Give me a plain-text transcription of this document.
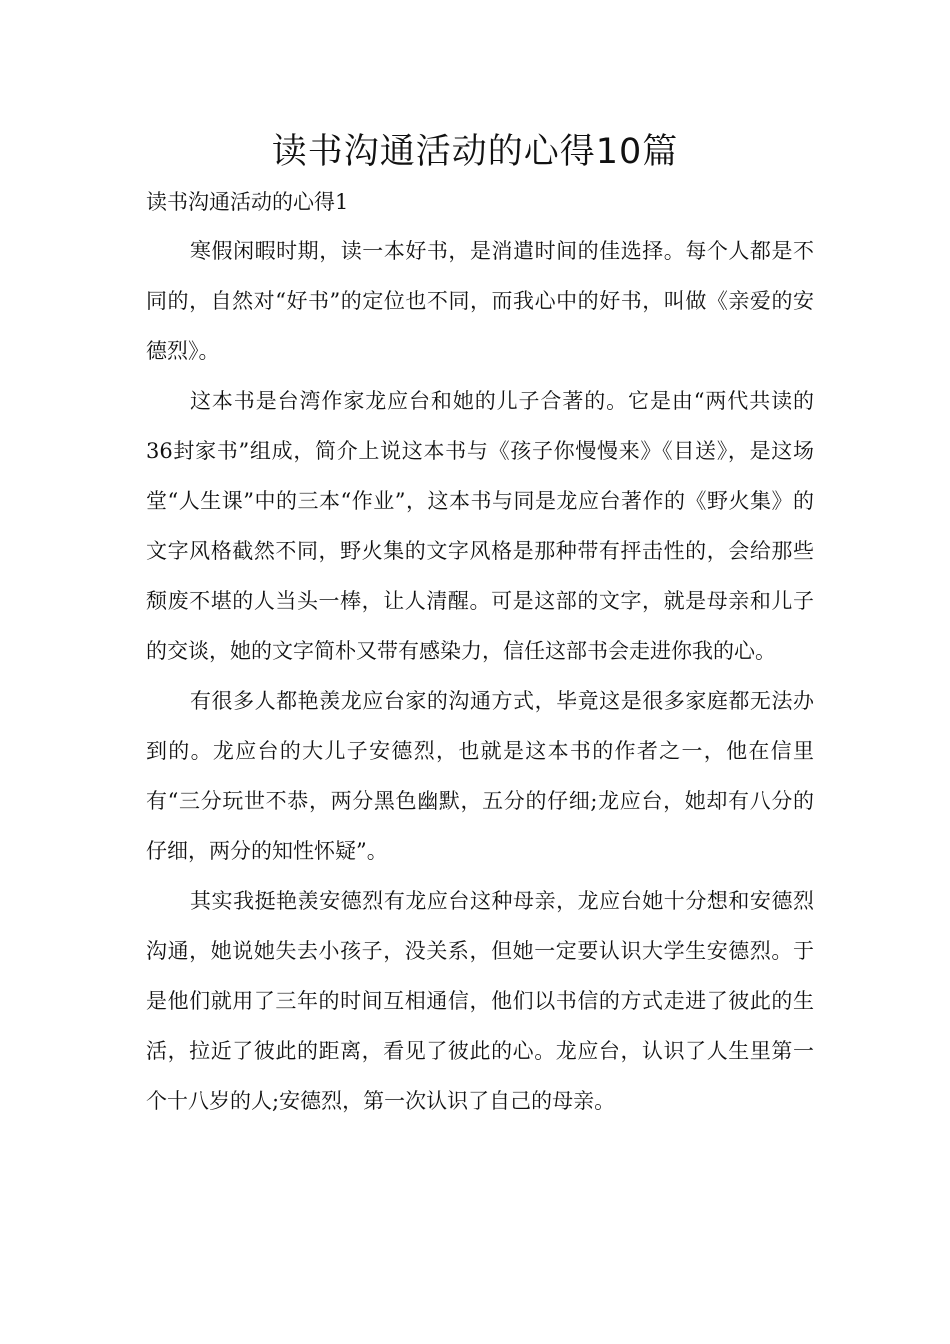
读书沟通活动的心得10篇
读书沟通活动的心得1

寒假闲暇时期，读一本好书，是消遣时间的佳选择。每个人都是不同的，自然对“好书”的定位也不同，而我心中的好书，叫做《亲爱的安德烈》。

这本书是台湾作家龙应台和她的儿子合著的。它是由“两代共读的36封家书”组成，简介上说这本书与《孩子你慢慢来》《目送》，是这场堂“人生课”中的三本“作业”，这本书与同是龙应台著作的《野火集》的文字风格截然不同，野火集的文字风格是那种带有抨击性的，会给那些颓废不堪的人当头一棒，让人清醒。可是这部的文字，就是母亲和儿子的交谈，她的文字简朴又带有感染力，信任这部书会走进你我的心。

有很多人都艳羡龙应台家的沟通方式，毕竟这是很多家庭都无法办到的。龙应台的大儿子安德烈，也就是这本书的作者之一，他在信里有“三分玩世不恭，两分黑色幽默，五分的仔细;龙应台，她却有八分的仔细，两分的知性怀疑”。

其实我挺艳羡安德烈有龙应台这种母亲，龙应台她十分想和安德烈沟通，她说她失去小孩子，没关系，但她一定要认识大学生安德烈。于是他们就用了三年的时间互相通信，他们以书信的方式走进了彼此的生活，拉近了彼此的距离，看见了彼此的心。龙应台，认识了人生里第一个十八岁的人;安德烈，第一次认识了自己的母亲。
